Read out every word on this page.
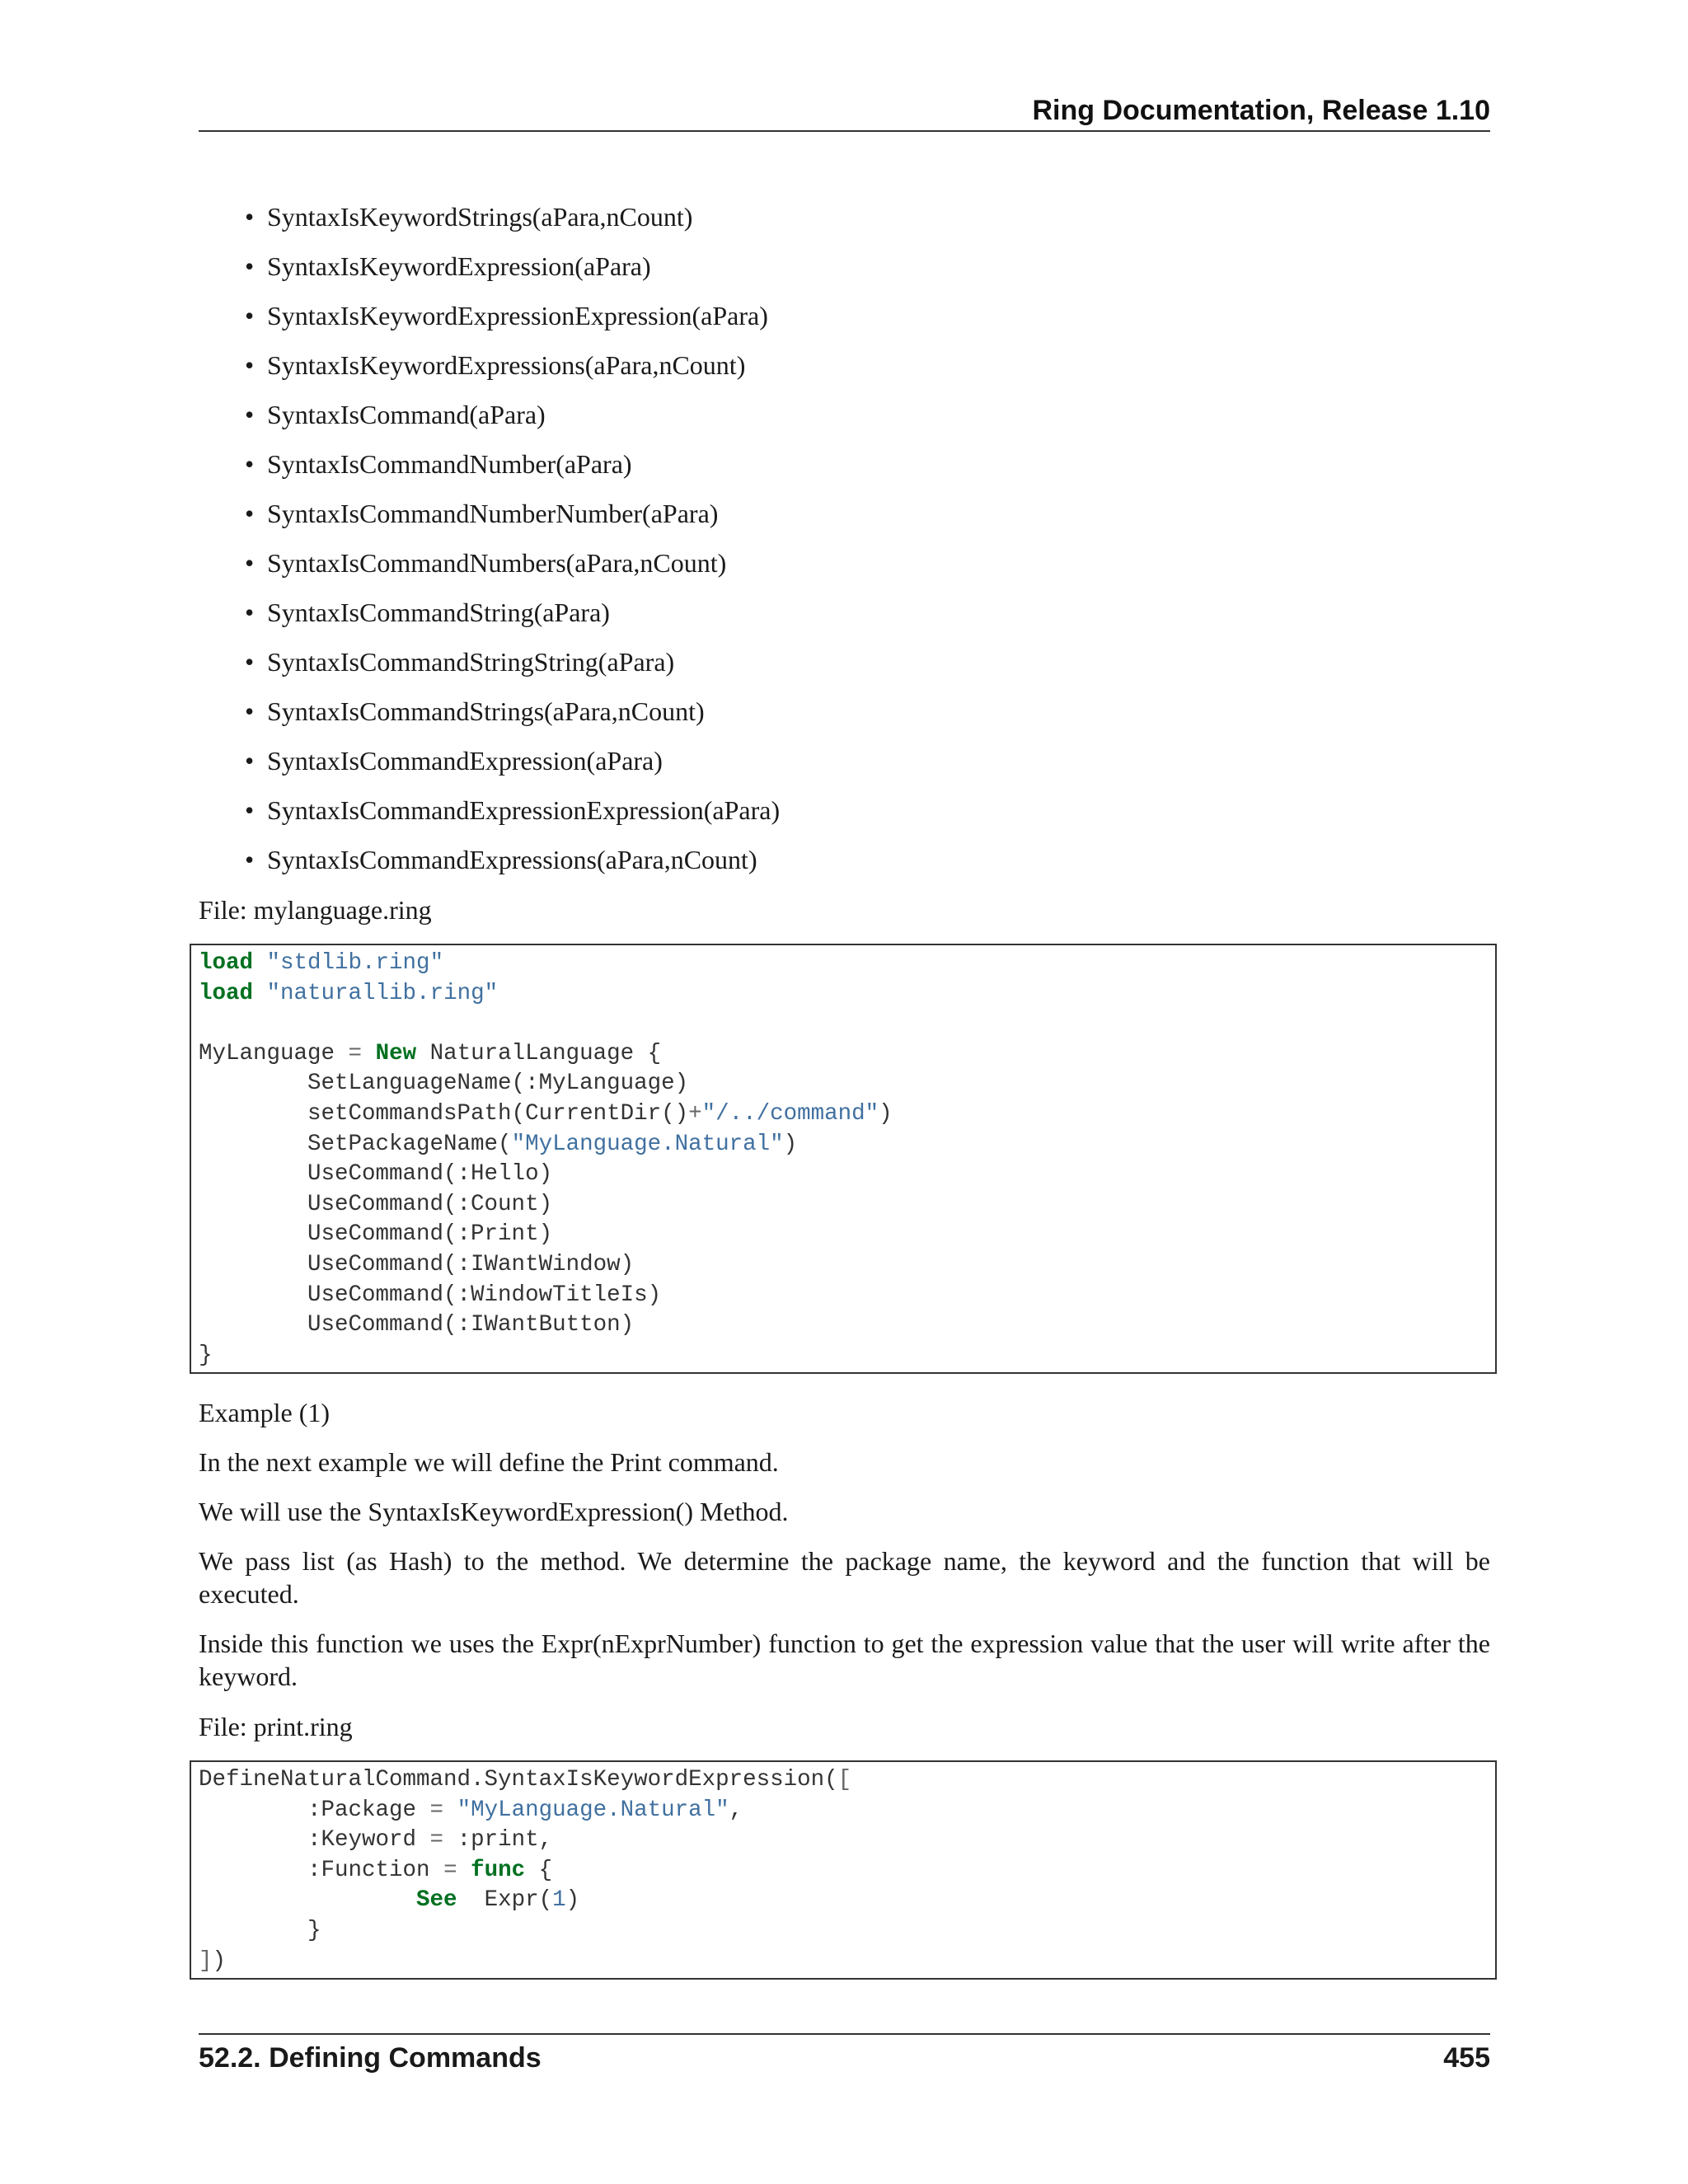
Ring Documentation, Release 1.10
• SyntaxIsKeywordStrings(aPara,nCount)
• SyntaxIsKeywordExpression(aPara)
• SyntaxIsKeywordExpressionExpression(aPara)
• SyntaxIsKeywordExpressions(aPara,nCount)
• SyntaxIsCommand(aPara)
• SyntaxIsCommandNumber(aPara)
• SyntaxIsCommandNumberNumber(aPara)
• SyntaxIsCommandNumbers(aPara,nCount)
• SyntaxIsCommandString(aPara)
• SyntaxIsCommandStringString(aPara)
• SyntaxIsCommandStrings(aPara,nCount)
• SyntaxIsCommandExpression(aPara)
• SyntaxIsCommandExpressionExpression(aPara)
• SyntaxIsCommandExpressions(aPara,nCount)

File: mylanguage.ring

load "stdlib.ring"
load "naturallib.ring"

MyLanguage = New NaturalLanguage {
SetLanguageName(:MyLanguage)
setCommandsPath(CurrentDir()+"/../command")
SetPackageName("MyLanguage.Natural")
UseCommand(:Hello)
UseCommand(:Count)
UseCommand(:Print)
UseCommand(:IWantWindow)
UseCommand(:WindowTitleIs)
UseCommand(:IWantButton)
}

Example (1)

In the next example we will define the Print command.

We will use the SyntaxIsKeywordExpression() Method.

We pass list (as Hash) to the method. We determine the package name, the keyword and the function that will be executed.

Inside this function we uses the Expr(nExprNumber) function to get the expression value that the user will write after the keyword.

File: print.ring

DefineNaturalCommand.SyntaxIsKeywordExpression([
:Package = "MyLanguage.Natural",
:Keyword = :print,
:Function = func {
See  Expr(1)
}
])
52.2. Defining Commands	455
